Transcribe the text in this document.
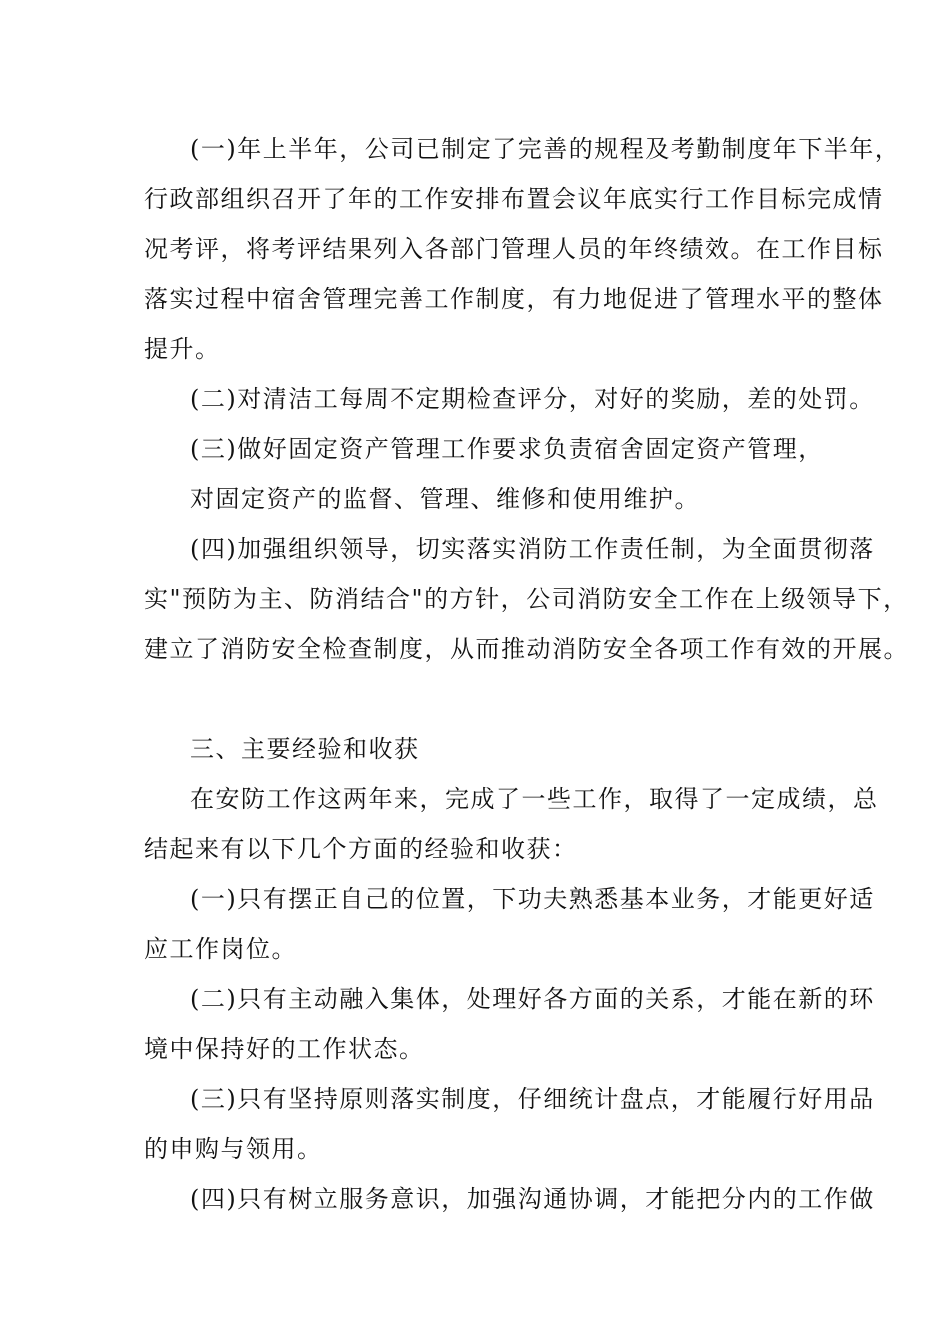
(一)年上半年，公司已制定了完善的规程及考勤制度年下半年，
行政部组织召开了年的工作安排布置会议年底实行工作目标完成情
况考评，将考评结果列入各部门管理人员的年终绩效。在工作目标
落实过程中宿舍管理完善工作制度，有力地促进了管理水平的整体
提升。
(二)对清洁工每周不定期检查评分，对好的奖励，差的处罚。
(三)做好固定资产管理工作要求负责宿舍固定资产管理，
对固定资产的监督、管理、维修和使用维护。
(四)加强组织领导，切实落实消防工作责任制，为全面贯彻落
实"预防为主、防消结合"的方针，公司消防安全工作在上级领导下，
建立了消防安全检查制度，从而推动消防安全各项工作有效的开展。
三、主要经验和收获
在安防工作这两年来，完成了一些工作，取得了一定成绩，总
结起来有以下几个方面的经验和收获：
(一)只有摆正自己的位置，下功夫熟悉基本业务，才能更好适
应工作岗位。
(二)只有主动融入集体，处理好各方面的关系，才能在新的环
境中保持好的工作状态。
(三)只有坚持原则落实制度，仔细统计盘点，才能履行好用品
的申购与领用。
(四)只有树立服务意识，加强沟通协调，才能把分内的工作做
